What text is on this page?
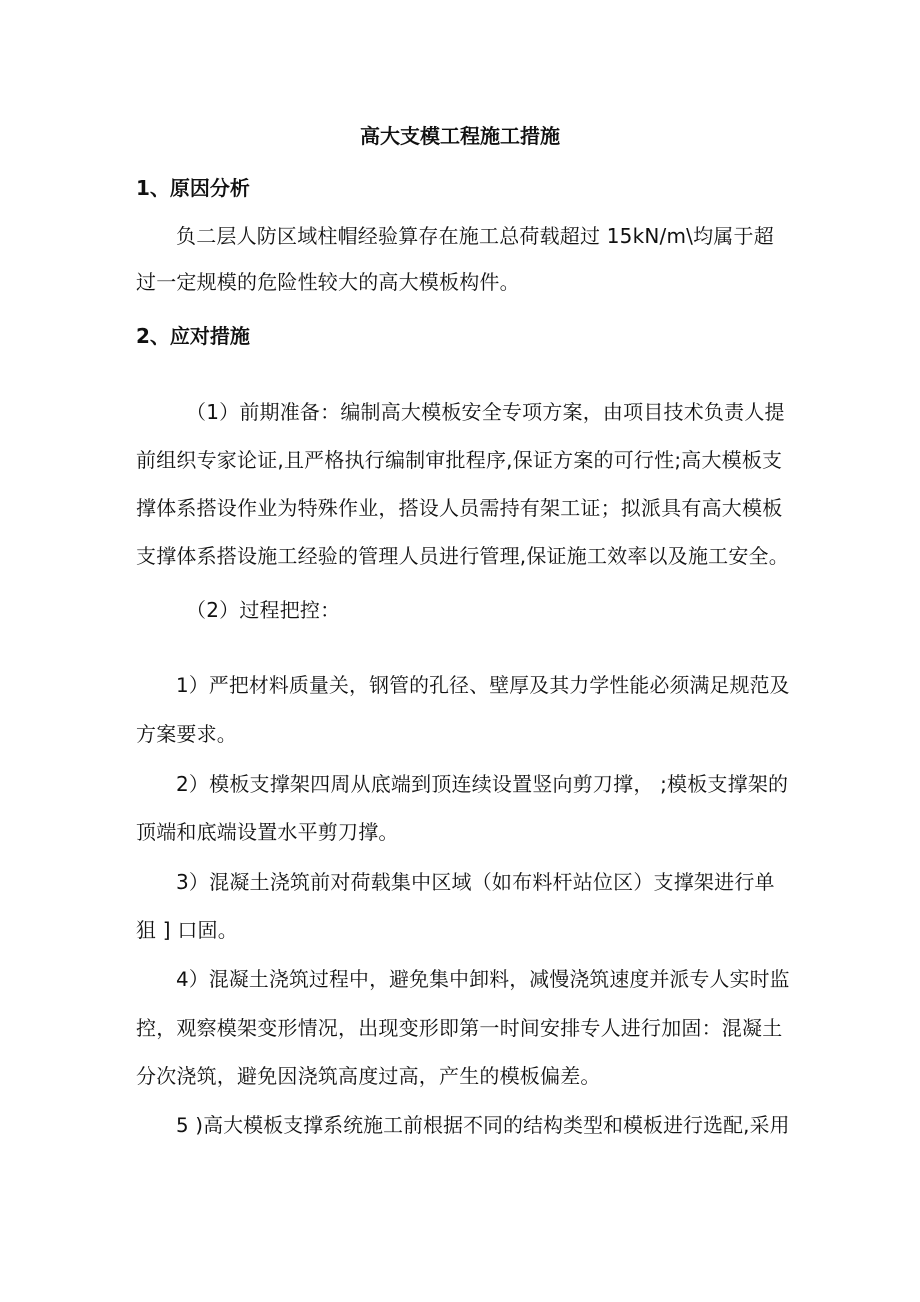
高大支模工程施工措施
1、原因分析
负二层人防区域柱帽经验算存在施工总荷载超过 15kN/m\均属于超
过一定规模的危险性较大的高大模板构件。
2、应对措施
（1）前期准备：编制高大模板安全专项方案，由项目技术负责人提
前组织专家论证,且严格执行编制审批程序,保证方案的可行性;高大模板支
撑体系搭设作业为特殊作业，搭设人员需持有架工证；拟派具有高大模板
支撑体系搭设施工经验的管理人员进行管理,保证施工效率以及施工安全。
（2）过程把控：
1）严把材料质量关，钢管的孔径、壁厚及其力学性能必须满足规范及
方案要求。
2）模板支撑架四周从底端到顶连续设置竖向剪刀撑， ;模板支撑架的
顶端和底端设置水平剪刀撑。
3）混凝土浇筑前对荷载集中区域（如布料杆站位区）支撑架进行单
狙 ] 口固。
4）混凝土浇筑过程中，避免集中卸料，减慢浇筑速度并派专人实时监
控，观察模架变形情况，出现变形即第一时间安排专人进行加固：混凝土
分次浇筑，避免因浇筑高度过高，产生的模板偏差。
5 )高大模板支撑系统施工前根据不同的结构类型和模板进行选配,采用
